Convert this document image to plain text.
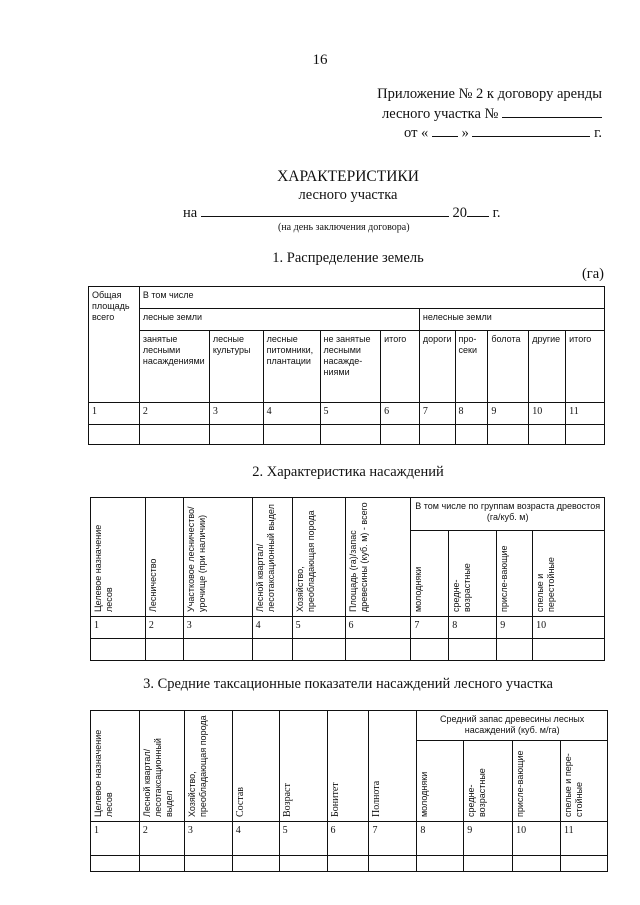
16
Приложение № 2 к договору аренды
лесного участка №
от « »	г.
ХАРАКТЕРИСТИКИ
лесного участка
на	20 г.
(на день заключения договора)
1. Распределение земель
(га)
Общая площадь всего	В том числе									

	лесные земли					нелесные земли				

	занятые лесными насаждениями	лесные культуры	лесные питомники, плантации	не занятые лесными насажде-ниями	итого	дороги	про-секи	болота	другие	итого

1	2	3	4	5	6	7	8	9	10	11

2. Характеристика насаждений
Целевое назначение лесов	Лесничество	Участковое лесничество/ урочище (при наличии)	Лесной квартал/ лесотаксационный выдел	Хозяйство, преобладающая порода	Площадь (га)/запас древесины (куб. м) - всего	В том числе по группам возраста древостоя (га/куб. м)			

						молодняки	средне-возрастные	присле-вающие	спелые и перестойные

1	2	3	4	5	6	7	8	9	10

3. Средние таксационные показатели насаждений лесного участка
Целевое назначение лесов	Лесной квартал/ лесотаксационный выдел	Хозяйство, преобладающая порода	Состав	Возраст	Бонитет	Полнота	Средний запас древесины лесных насаждений (куб. м/га)			

							молодняки	средне-возрастные	присле-вающие	спелые и пере-стойные

1	2	3	4	5	6	7	8	9	10	11
